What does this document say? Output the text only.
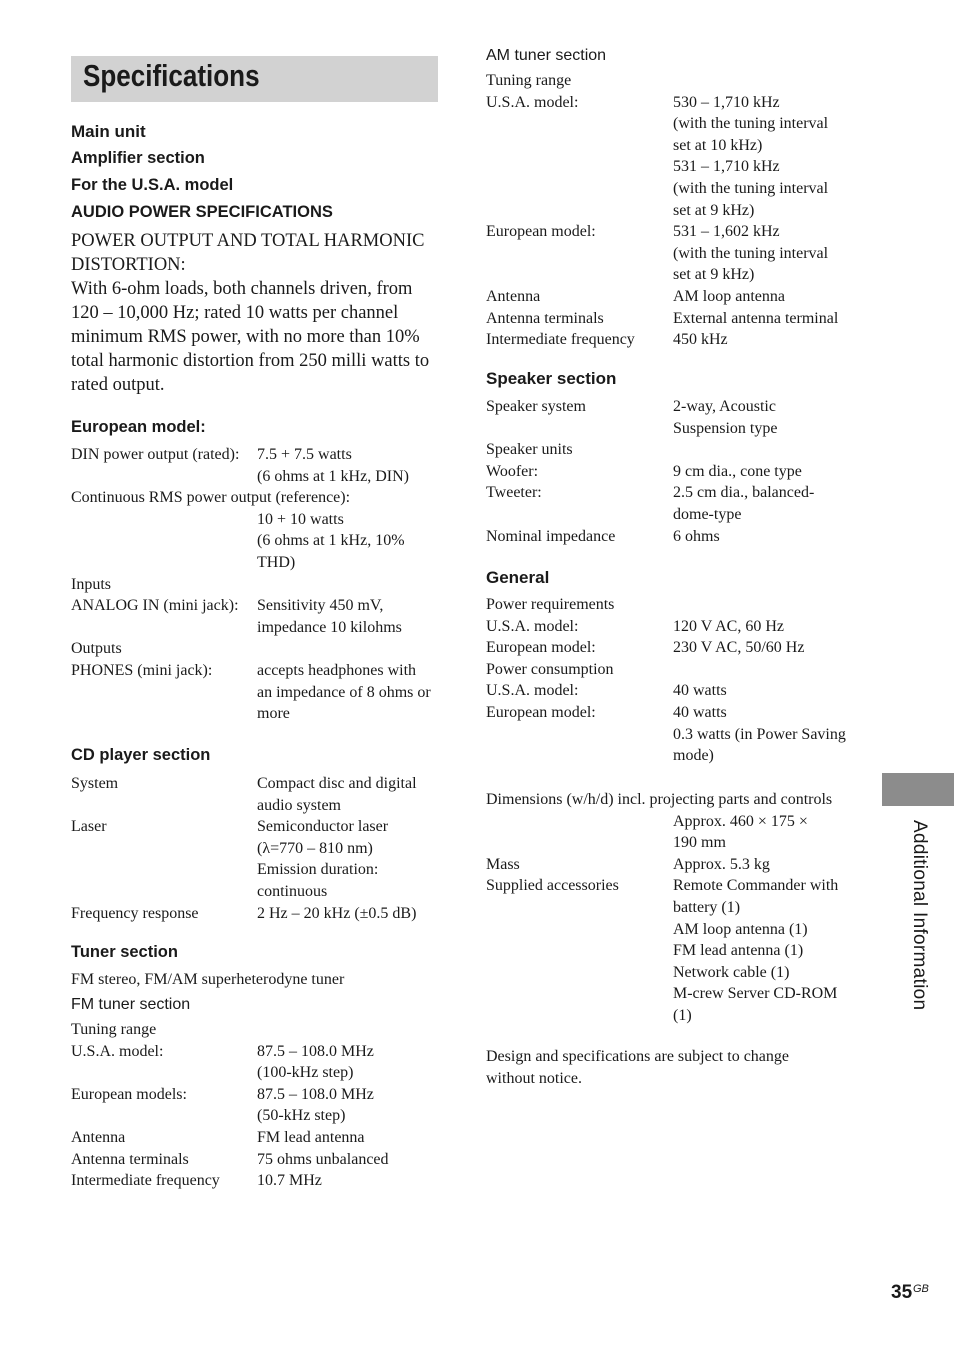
Specifications
Main unit
Amplifier section
For the U.S.A. model
AUDIO POWER SPECIFICATIONS
POWER OUTPUT AND TOTAL HARMONIC DISTORTION:
With 6-ohm loads, both channels driven, from 120 – 10,000 Hz; rated 10 watts per channel minimum RMS power, with no more than 10% total harmonic distortion from 250 milli watts to rated output.
European model:
DIN power output (rated): 7.5 + 7.5 watts
(6 ohms at 1 kHz, DIN)
Continuous RMS power output (reference):
10 + 10 watts
(6 ohms at 1 kHz, 10%
THD)
Inputs
ANALOG IN (mini jack): Sensitivity 450 mV,
impedance 10 kilohms
Outputs
PHONES (mini jack):	accepts headphones with
an impedance of 8 ohms or
more
CD player section
System	Compact disc and digital
audio system
Laser	Semiconductor laser
(λ=770 – 810 nm)
Emission duration:
continuous
Frequency response	2 Hz – 20 kHz (±0.5 dB)
Tuner section
FM stereo, FM/AM superheterodyne tuner
FM tuner section
Tuning range
U.S.A. model:	87.5 – 108.0 MHz
(100-kHz step)
European models:	87.5 – 108.0 MHz
(50-kHz step)
Antenna	FM lead antenna
Antenna terminals	75 ohms unbalanced
Intermediate frequency 10.7 MHz
AM tuner section
Tuning range
U.S.A. model:	530 – 1,710 kHz
(with the tuning interval
set at 10 kHz)
531 – 1,710 kHz
(with the tuning interval
set at 9 kHz)
European model:	531 – 1,602 kHz
(with the tuning interval
set at 9 kHz)
Antenna	AM loop antenna
Antenna terminals	External antenna terminal
Intermediate frequency 450 kHz
Speaker section
Speaker system	2-way, Acoustic
Suspension type
Speaker units
Woofer:	9 cm dia., cone type
Tweeter:	2.5 cm dia., balanced-
dome-type
Nominal impedance	6 ohms
General
Power requirements
U.S.A. model:	120 V AC, 60 Hz
European model:	230 V AC, 50/60 Hz
Power consumption
U.S.A. model:	40 watts
European model:	40 watts
0.3 watts (in Power Saving
mode)
Dimensions (w/h/d) incl. projecting parts and controls
Approx. 460 × 175 ×
190 mm
Mass	Approx. 5.3 kg
Supplied accessories	Remote Commander with
battery (1)
AM loop antenna (1)
FM lead antenna (1)
Network cable (1)
M-crew Server CD-ROM
(1)
Design and specifications are subject to change without notice.
Additional Information
35 GB
